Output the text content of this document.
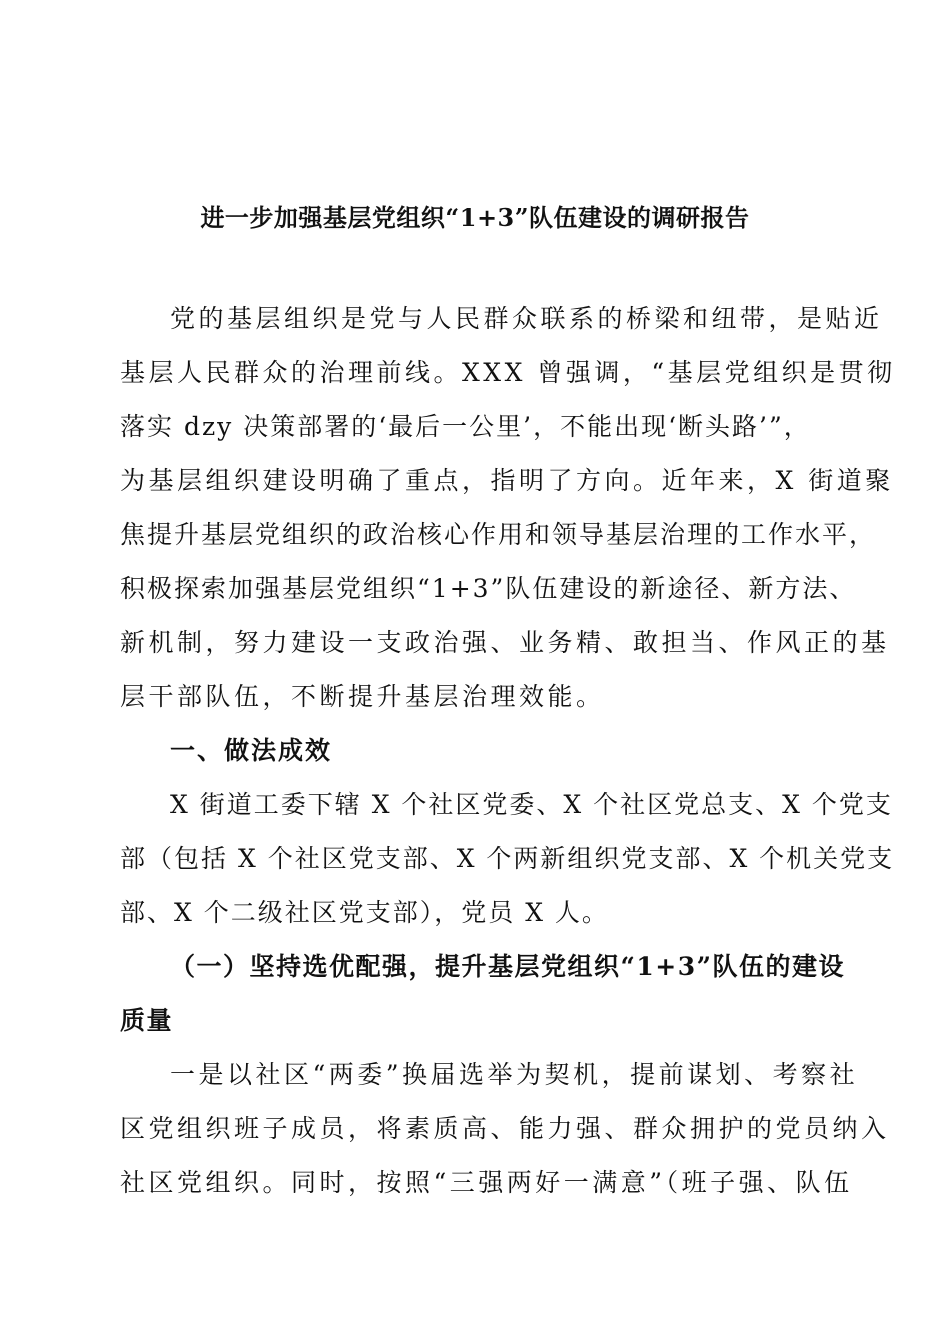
进一步加强基层党组织“1+3”队伍建设的调研报告
党的基层组织是党与人民群众联系的桥梁和纽带，是贴近
基层人民群众的治理前线。XXX 曾强调，“基层党组织是贯彻
落实 dzy 决策部署的‘最后一公里’，不能出现‘断头路’”，
为基层组织建设明确了重点，指明了方向。近年来，X 街道聚
焦提升基层党组织的政治核心作用和领导基层治理的工作水平，
积极探索加强基层党组织“1+3”队伍建设的新途径、新方法、
新机制，努力建设一支政治强、业务精、敢担当、作风正的基
层干部队伍，不断提升基层治理效能。
一、做法成效
X 街道工委下辖 X 个社区党委、X 个社区党总支、X 个党支
部（包括 X 个社区党支部、X 个两新组织党支部、X 个机关党支
部、X 个二级社区党支部），党员 X 人。
（一）坚持选优配强，提升基层党组织“1+3”队伍的建设
质量
一是以社区“两委”换届选举为契机，提前谋划、考察社
区党组织班子成员，将素质高、能力强、群众拥护的党员纳入
社区党组织。同时，按照“三强两好一满意”（班子强、队伍
